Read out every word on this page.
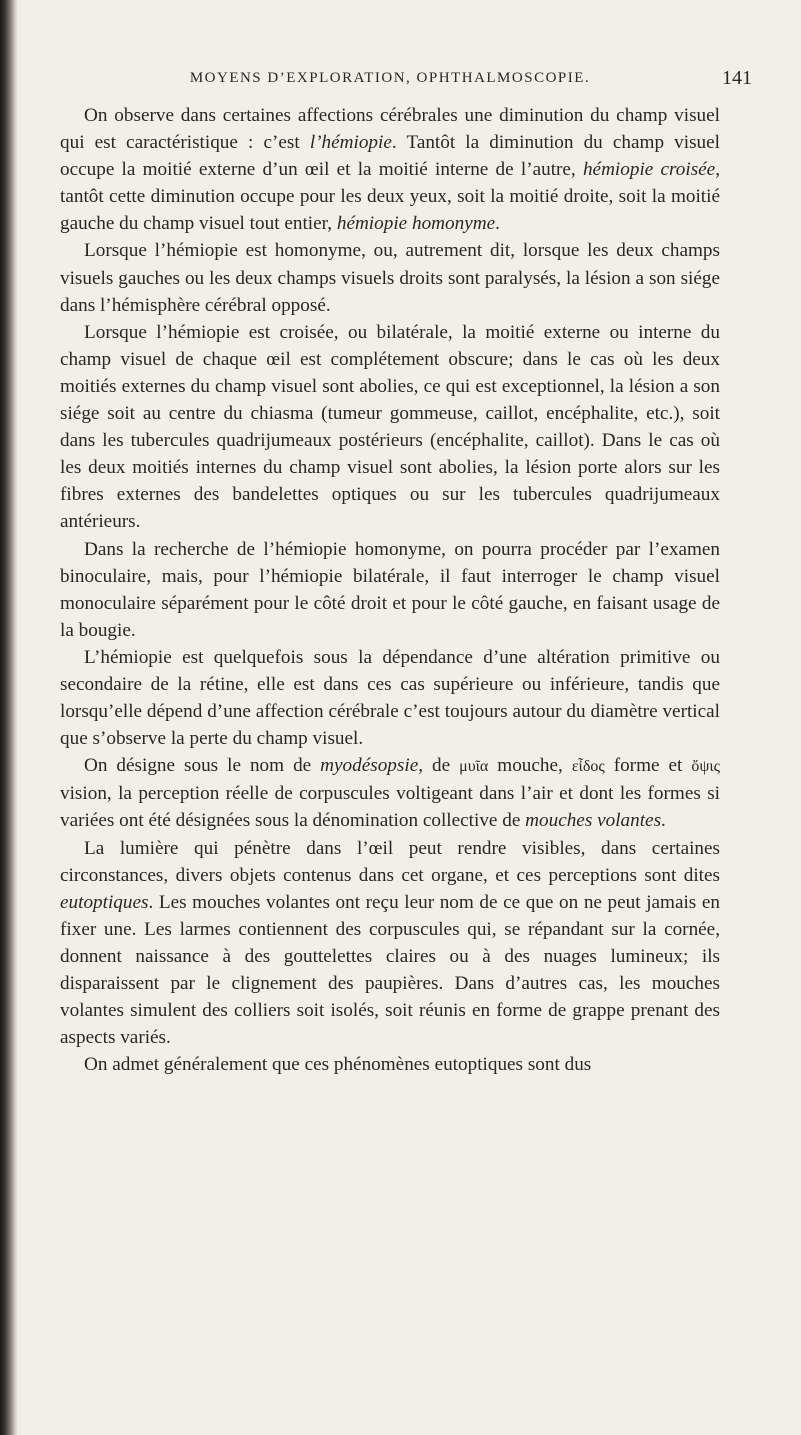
MOYENS D’EXPLORATION, OPHTHALMOSCOPIE.	141

On observe dans certaines affections cérébrales une diminution du champ visuel qui est caractéristique : c’est l’hémiopie. Tantôt la diminution du champ visuel occupe la moitié externe d’un œil et la moitié interne de l’autre, hémiopie croisée, tantôt cette diminution occupe pour les deux yeux, soit la moitié droite, soit la moitié gauche du champ visuel tout entier, hémiopie homonyme.

Lorsque l’hémiopie est homonyme, ou, autrement dit, lorsque les deux champs visuels gauches ou les deux champs visuels droits sont paralysés, la lésion a son siége dans l’hémisphère cérébral opposé.

Lorsque l’hémiopie est croisée, ou bilatérale, la moitié externe ou interne du champ visuel de chaque œil est complétement obscure; dans le cas où les deux moitiés externes du champ visuel sont abolies, ce qui est exceptionnel, la lésion a son siége soit au centre du chiasma (tumeur gommeuse, caillot, encéphalite, etc.), soit dans les tubercules quadrijumeaux postérieurs (encéphalite, caillot). Dans le cas où les deux moitiés internes du champ visuel sont abolies, la lésion porte alors sur les fibres externes des bandelettes optiques ou sur les tubercules quadrijumeaux antérieurs.

Dans la recherche de l’hémiopie homonyme, on pourra procéder par l’examen binoculaire, mais, pour l’hémiopie bilatérale, il faut interroger le champ visuel monoculaire séparément pour le côté droit et pour le côté gauche, en faisant usage de la bougie.

L’hémiopie est quelquefois sous la dépendance d’une altération primitive ou secondaire de la rétine, elle est dans ces cas supérieure ou inférieure, tandis que lorsqu’elle dépend d’une affection cérébrale c’est toujours autour du diamètre vertical que s’observe la perte du champ visuel.

On désigne sous le nom de myodésopsie, de μυῖα mouche, εἶδος forme et ὄψις vision, la perception réelle de corpuscules voltigeant dans l’air et dont les formes si variées ont été désignées sous la dénomination collective de mouches volantes.

La lumière qui pénètre dans l’œil peut rendre visibles, dans certaines circonstances, divers objets contenus dans cet organe, et ces perceptions sont dites eutoptiques. Les mouches volantes ont reçu leur nom de ce que on ne peut jamais en fixer une. Les larmes contiennent des corpuscules qui, se répandant sur la cornée, donnent naissance à des gouttelettes claires ou à des nuages lumineux; ils disparaissent par le clignement des paupières. Dans d’autres cas, les mouches volantes simulent des colliers soit isolés, soit réunis en forme de grappe prenant des aspects variés.

On admet généralement que ces phénomènes eutoptiques sont dus
